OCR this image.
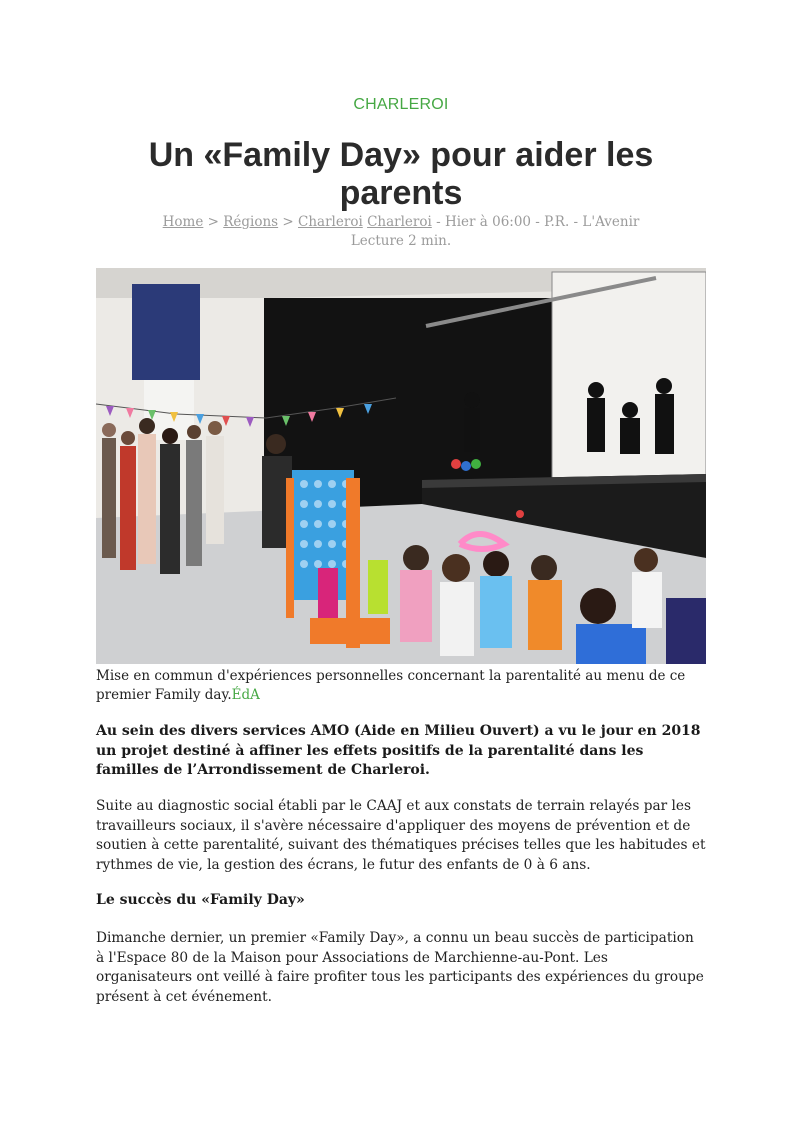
CHARLEROI
Un «Family Day» pour aider les parents
Home > Régions > Charleroi Charleroi - Hier à 06:00 - P.R. - L'Avenir
Lecture 2 min.
Mise en commun d'expériences personnelles concernant la parentalité au menu de ce premier Family day.ÉdA

Au sein des divers services AMO (Aide en Milieu Ouvert) a vu le jour en 2018 un projet destiné à affiner les effets positifs de la parentalité dans les familles de l’Arrondissement de Charleroi.

Suite au diagnostic social établi par le CAAJ et aux constats de terrain relayés par les travailleurs sociaux, il s'avère nécessaire d'appliquer des moyens de prévention et de soutien à cette parentalité, suivant des thématiques précises telles que les habitudes et rythmes de vie, la gestion des écrans, le futur des enfants de 0 à 6 ans.

Le succès du «Family Day»

Dimanche dernier, un premier «Family Day», a connu un beau succès de participation à l'Espace 80 de la Maison pour Associations de Marchienne-au-Pont. Les organisateurs ont veillé à faire profiter tous les participants des expériences du groupe présent à cet événement.
